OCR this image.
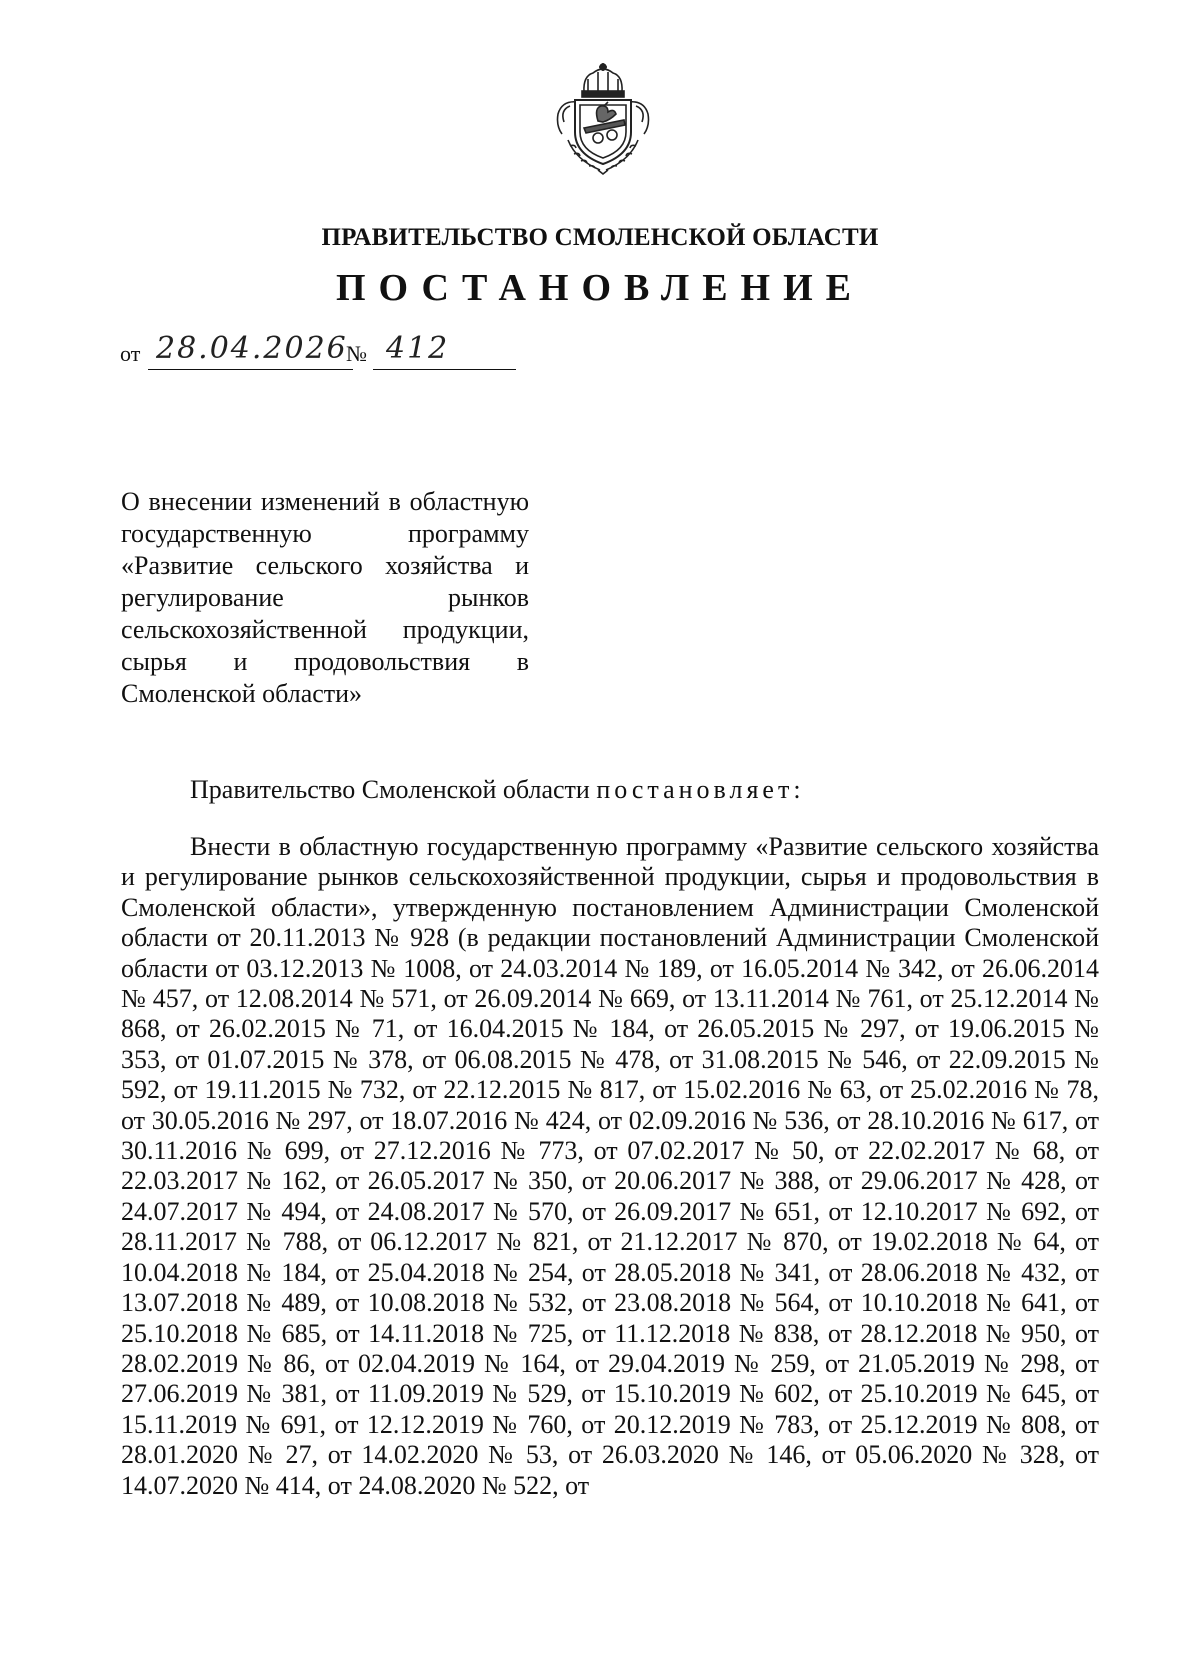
ПРАВИТЕЛЬСТВО СМОЛЕНСКОЙ ОБЛАСТИ
ПОСТАНОВЛЕНИЕ
от 28.04.2026
№ 412
О внесении изменений в областную государственную программу «Развитие сельского хозяйства и регулирование рынков сельскохозяйственной продукции, сырья и продовольствия в Смоленской области»
Правительство Смоленской области постановляет:

Внести в областную государственную программу «Развитие сельского хозяйства и регулирование рынков сельскохозяйственной продукции, сырья и продовольствия в Смоленской области», утвержденную постановлением Администрации Смоленской области от 20.11.2013 № 928 (в редакции постановлений Администрации Смоленской области от 03.12.2013 № 1008, от 24.03.2014 № 189, от 16.05.2014 № 342, от 26.06.2014 № 457, от 12.08.2014 № 571, от 26.09.2014 № 669, от 13.11.2014 № 761, от 25.12.2014 № 868, от 26.02.2015 № 71, от 16.04.2015 № 184, от 26.05.2015 № 297, от 19.06.2015 № 353, от 01.07.2015 № 378, от 06.08.2015 № 478, от 31.08.2015 № 546, от 22.09.2015 № 592, от 19.11.2015 № 732, от 22.12.2015 № 817, от 15.02.2016 № 63, от 25.02.2016 № 78, от 30.05.2016 № 297, от 18.07.2016 № 424, от 02.09.2016 № 536, от 28.10.2016 № 617, от 30.11.2016 № 699, от 27.12.2016 № 773, от 07.02.2017 № 50, от 22.02.2017 № 68, от 22.03.2017 № 162, от 26.05.2017 № 350, от 20.06.2017 № 388, от 29.06.2017 № 428, от 24.07.2017 № 494, от 24.08.2017 № 570, от 26.09.2017 № 651, от 12.10.2017 № 692, от 28.11.2017 № 788, от 06.12.2017 № 821, от 21.12.2017 № 870, от 19.02.2018 № 64, от 10.04.2018 № 184, от 25.04.2018 № 254, от 28.05.2018 № 341, от 28.06.2018 № 432, от 13.07.2018 № 489, от 10.08.2018 № 532, от 23.08.2018 № 564, от 10.10.2018 № 641, от 25.10.2018 № 685, от 14.11.2018 № 725, от 11.12.2018 № 838, от 28.12.2018 № 950, от 28.02.2019 № 86, от 02.04.2019 № 164, от 29.04.2019 № 259, от 21.05.2019 № 298, от 27.06.2019 № 381, от 11.09.2019 № 529, от 15.10.2019 № 602, от 25.10.2019 № 645, от 15.11.2019 № 691, от 12.12.2019 № 760, от 20.12.2019 № 783, от 25.12.2019 № 808, от 28.01.2020 № 27, от 14.02.2020 № 53, от 26.03.2020 № 146, от 05.06.2020 № 328, от 14.07.2020 № 414, от 24.08.2020 № 522, от
